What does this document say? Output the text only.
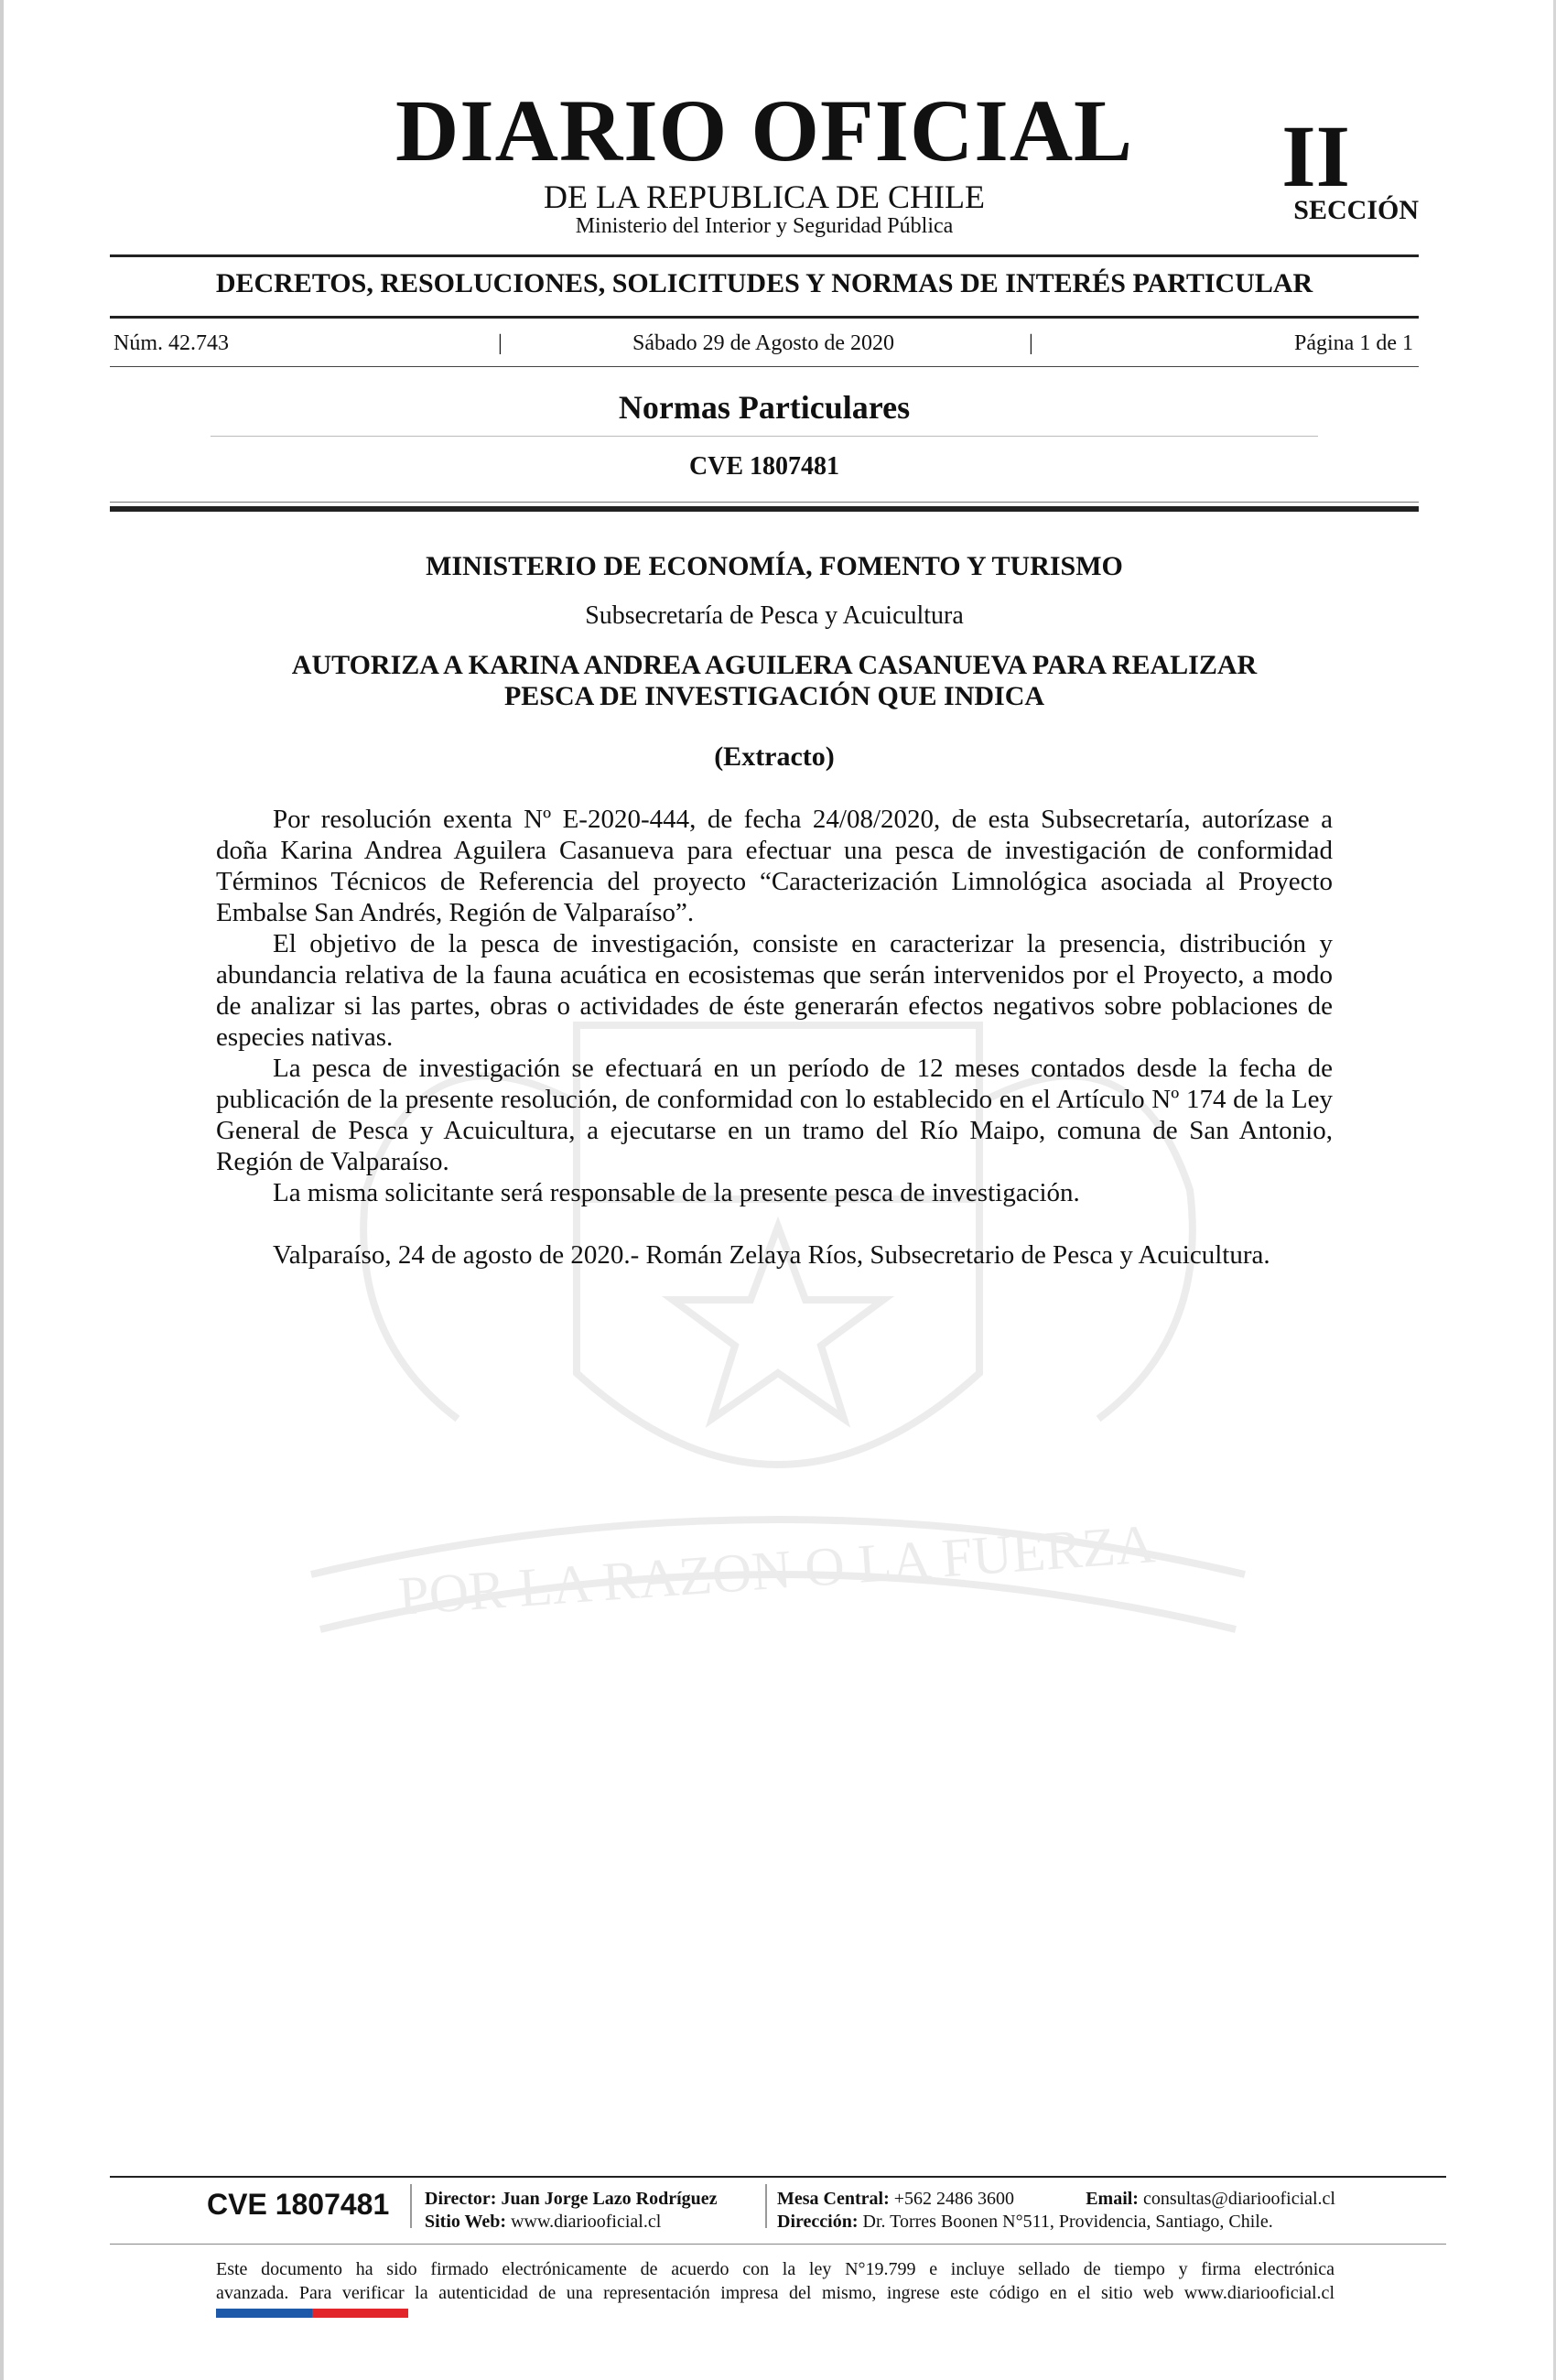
POR LA RAZON O LA FUERZA
DIARIO OFICIAL
DE LA REPUBLICA DE CHILE
Ministerio del Interior y Seguridad Pública
II
SECCIÓN
DECRETOS, RESOLUCIONES, SOLICITUDES Y NORMAS DE INTERÉS PARTICULAR
Núm. 42.743	|	Sábado 29 de Agosto de 2020	|	Página 1 de 1
Normas Particulares
CVE 1807481
MINISTERIO DE ECONOMÍA, FOMENTO Y TURISMO
Subsecretaría de Pesca y Acuicultura
AUTORIZA A KARINA ANDREA AGUILERA CASANUEVA PARA REALIZAR
PESCA DE INVESTIGACIÓN QUE INDICA
(Extracto)

Por resolución exenta Nº E-2020-444, de fecha 24/08/2020, de esta Subsecretaría, autorízase a doña Karina Andrea Aguilera Casanueva para efectuar una pesca de investigación de conformidad Términos Técnicos de Referencia del proyecto “Caracterización Limnológica asociada al Proyecto Embalse San Andrés, Región de Valparaíso”.

El objetivo de la pesca de investigación, consiste en caracterizar la presencia, distribución y abundancia relativa de la fauna acuática en ecosistemas que serán intervenidos por el Proyecto, a modo de analizar si las partes, obras o actividades de éste generarán efectos negativos sobre poblaciones de especies nativas.

La pesca de investigación se efectuará en un período de 12 meses contados desde la fecha de publicación de la presente resolución, de conformidad con lo establecido en el Artículo Nº 174 de la Ley General de Pesca y Acuicultura, a ejecutarse en un tramo del Río Maipo, comuna de San Antonio, Región de Valparaíso.

La misma solicitante será responsable de la presente pesca de investigación.

Valparaíso, 24 de agosto de 2020.- Román Zelaya Ríos, Subsecretario de Pesca y Acuicultura.

CVE 1807481 Director: Juan Jorge Lazo Rodríguez
Sitio Web: www.diariooficial.cl
Mesa Central: +562 2486 3600	Email: consultas@diariooficial.cl
Dirección: Dr. Torres Boonen N°511, Providencia, Santiago, Chile.
Este documento ha sido firmado electrónicamente de acuerdo con la ley N°19.799 e incluye sellado de tiempo y firma electrónica
avanzada. Para verificar la autenticidad de una representación impresa del mismo, ingrese este código en el sitio web www.diariooficial.cl
